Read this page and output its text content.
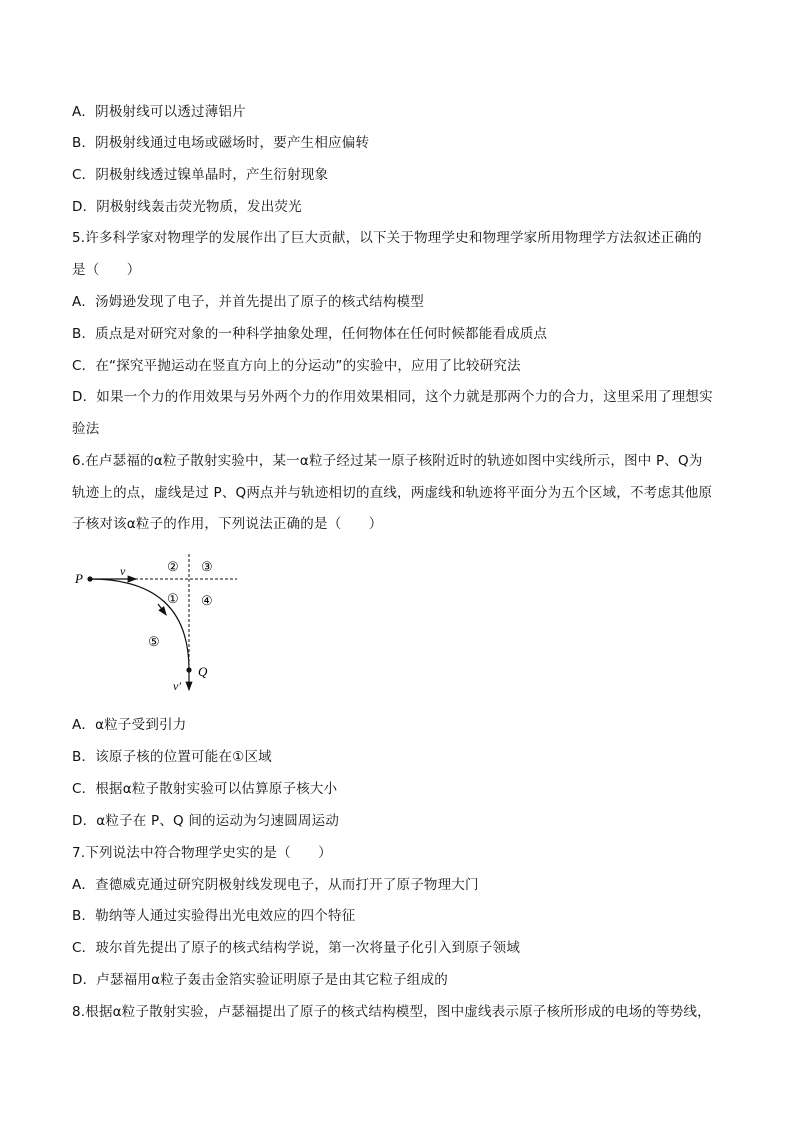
A．阴极射线可以透过薄铝片
B．阴极射线通过电场或磁场时，要产生相应偏转
C．阴极射线透过镍单晶时，产生衍射现象
D．阴极射线轰击荧光物质，发出荧光
5.许多科学家对物理学的发展作出了巨大贡献，以下关于物理学史和物理学家所用物理学方法叙述正确的
是（　　）
A．汤姆逊发现了电子，并首先提出了原子的核式结构模型
B．质点是对研究对象的一种科学抽象处理，任何物体在任何时候都能看成质点
C．在“探究平抛运动在竖直方向上的分运动”的实验中，应用了比较研究法
D．如果一个力的作用效果与另外两个力的作用效果相同，这个力就是那两个力的合力，这里采用了理想实
验法
6.在卢瑟福的α粒子散射实验中，某一α粒子经过某一原子核附近时的轨迹如图中实线所示，图中 P、Q为
轨迹上的点，虚线是过 P、Q两点并与轨迹相切的直线，两虚线和轨迹将平面分为五个区域，不考虑其他原
子核对该α粒子的作用，下列说法正确的是（　　）
P
Q
v
v′
② ③
① ④
⑤
A．α粒子受到引力
B．该原子核的位置可能在①区域
C．根据α粒子散射实验可以估算原子核大小
D．α粒子在 P、Q 间的运动为匀速圆周运动
7.下列说法中符合物理学史实的是（　　）
A．查德威克通过研究阴极射线发现电子，从而打开了原子物理大门
B．勒纳等人通过实验得出光电效应的四个特征
C．玻尔首先提出了原子的核式结构学说，第一次将量子化引入到原子领域
D．卢瑟福用α粒子轰击金箔实验证明原子是由其它粒子组成的
8.根据α粒子散射实验，卢瑟福提出了原子的核式结构模型，图中虚线表示原子核所形成的电场的等势线，
